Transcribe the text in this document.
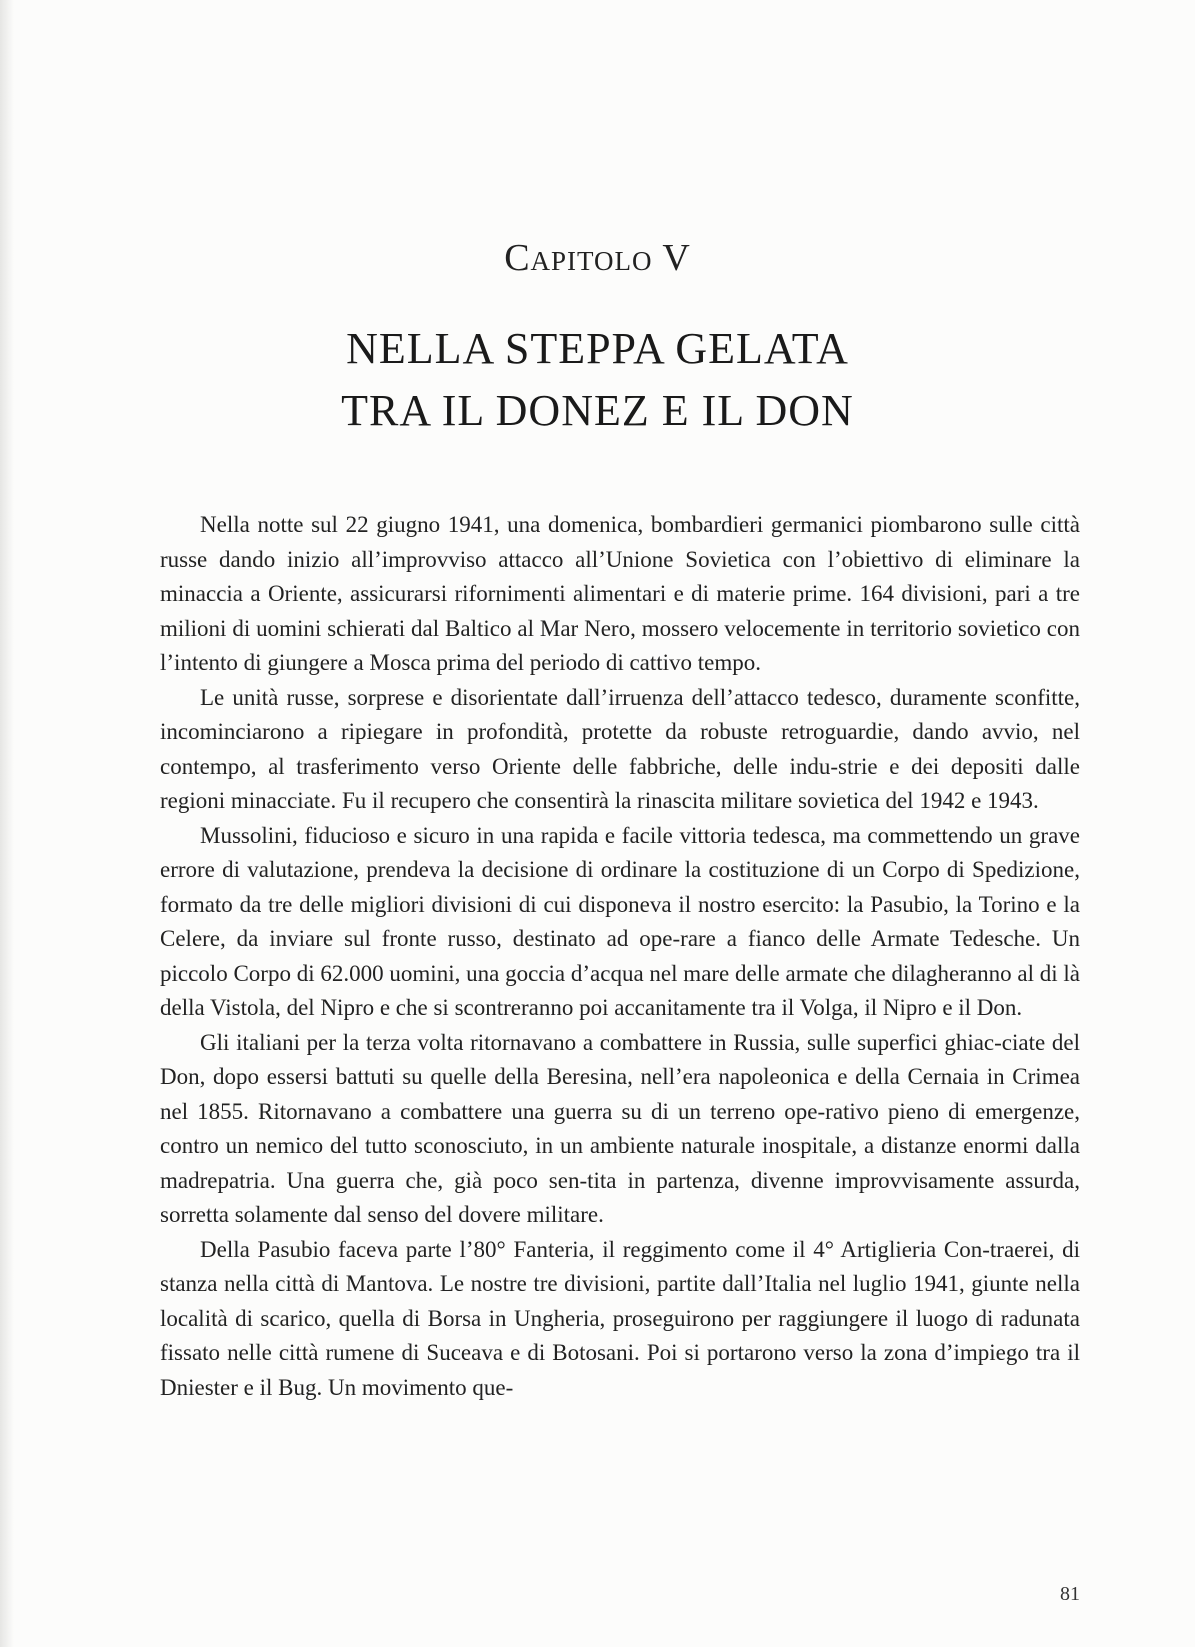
Capitolo V
NELLA STEPPA GELATA
TRA IL DONEZ E IL DON

Nella notte sul 22 giugno 1941, una domenica, bombardieri germanici piombarono sulle città russe dando inizio all’improvviso attacco all’Unione Sovietica con l’obiettivo di eliminare la minaccia a Oriente, assicurarsi rifornimenti alimentari e di materie prime. 164 divisioni, pari a tre milioni di uomini schierati dal Baltico al Mar Nero, mossero velocemente in territorio sovietico con l’intento di giungere a Mosca prima del periodo di cattivo tempo.

Le unità russe, sorprese e disorientate dall’irruenza dell’attacco tedesco, duramente sconfitte, incominciarono a ripiegare in profondità, protette da robuste retroguardie, dando avvio, nel contempo, al trasferimento verso Oriente delle fabbriche, delle indu-strie e dei depositi dalle regioni minacciate. Fu il recupero che consentirà la rinascita militare sovietica del 1942 e 1943.

Mussolini, fiducioso e sicuro in una rapida e facile vittoria tedesca, ma commettendo un grave errore di valutazione, prendeva la decisione di ordinare la costituzione di un Corpo di Spedizione, formato da tre delle migliori divisioni di cui disponeva il nostro esercito: la Pasubio, la Torino e la Celere, da inviare sul fronte russo, destinato ad ope-rare a fianco delle Armate Tedesche. Un piccolo Corpo di 62.000 uomini, una goccia d’acqua nel mare delle armate che dilagheranno al di là della Vistola, del Nipro e che si scontreranno poi accanitamente tra il Volga, il Nipro e il Don.

Gli italiani per la terza volta ritornavano a combattere in Russia, sulle superfici ghiac-ciate del Don, dopo essersi battuti su quelle della Beresina, nell’era napoleonica e della Cernaia in Crimea nel 1855. Ritornavano a combattere una guerra su di un terreno ope-rativo pieno di emergenze, contro un nemico del tutto sconosciuto, in un ambiente naturale inospitale, a distanze enormi dalla madrepatria. Una guerra che, già poco sen-tita in partenza, divenne improvvisamente assurda, sorretta solamente dal senso del dovere militare.

Della Pasubio faceva parte l’80° Fanteria, il reggimento come il 4° Artiglieria Con-traerei, di stanza nella città di Mantova. Le nostre tre divisioni, partite dall’Italia nel luglio 1941, giunte nella località di scarico, quella di Borsa in Ungheria, proseguirono per raggiungere il luogo di radunata fissato nelle città rumene di Suceava e di Botosani. Poi si portarono verso la zona d’impiego tra il Dniester e il Bug. Un movimento que-

81
